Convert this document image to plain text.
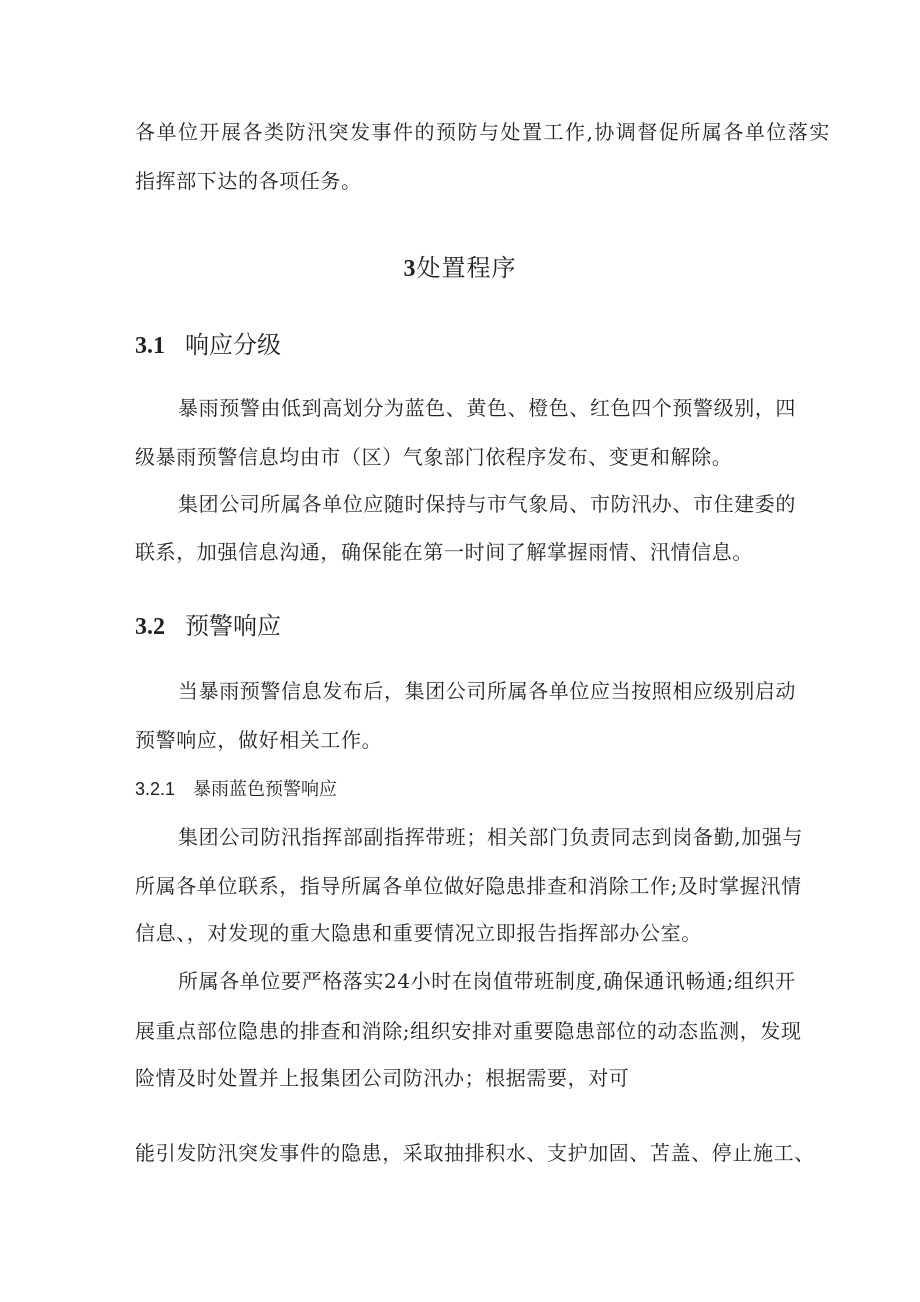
各单位开展各类防汛突发事件的预防与处置工作,协调督促所属各单位落实
指挥部下达的各项任务。
3处置程序
3.1 响应分级
暴雨预警由低到高划分为蓝色、黄色、橙色、红色四个预警级别，四
级暴雨预警信息均由市（区）气象部门依程序发布、变更和解除。
集团公司所属各单位应随时保持与市气象局、市防汛办、市住建委的
联系，加强信息沟通，确保能在第一时间了解掌握雨情、汛情信息。
3.2 预警响应
当暴雨预警信息发布后，集团公司所属各单位应当按照相应级别启动
预警响应，做好相关工作。
3.2.1 暴雨蓝色预警响应
集团公司防汛指挥部副指挥带班；相关部门负责同志到岗备勤,加强与
所属各单位联系，指导所属各单位做好隐患排查和消除工作;及时掌握汛情
信息、，对发现的重大隐患和重要情况立即报告指挥部办公室。
所属各单位要严格落实24小时在岗值带班制度,确保通讯畅通;组织开
展重点部位隐患的排查和消除;组织安排对重要隐患部位的动态监测，发现
险情及时处置并上报集团公司防汛办；根据需要，对可
能引发防汛突发事件的隐患，采取抽排积水、支护加固、苫盖、停止施工、
